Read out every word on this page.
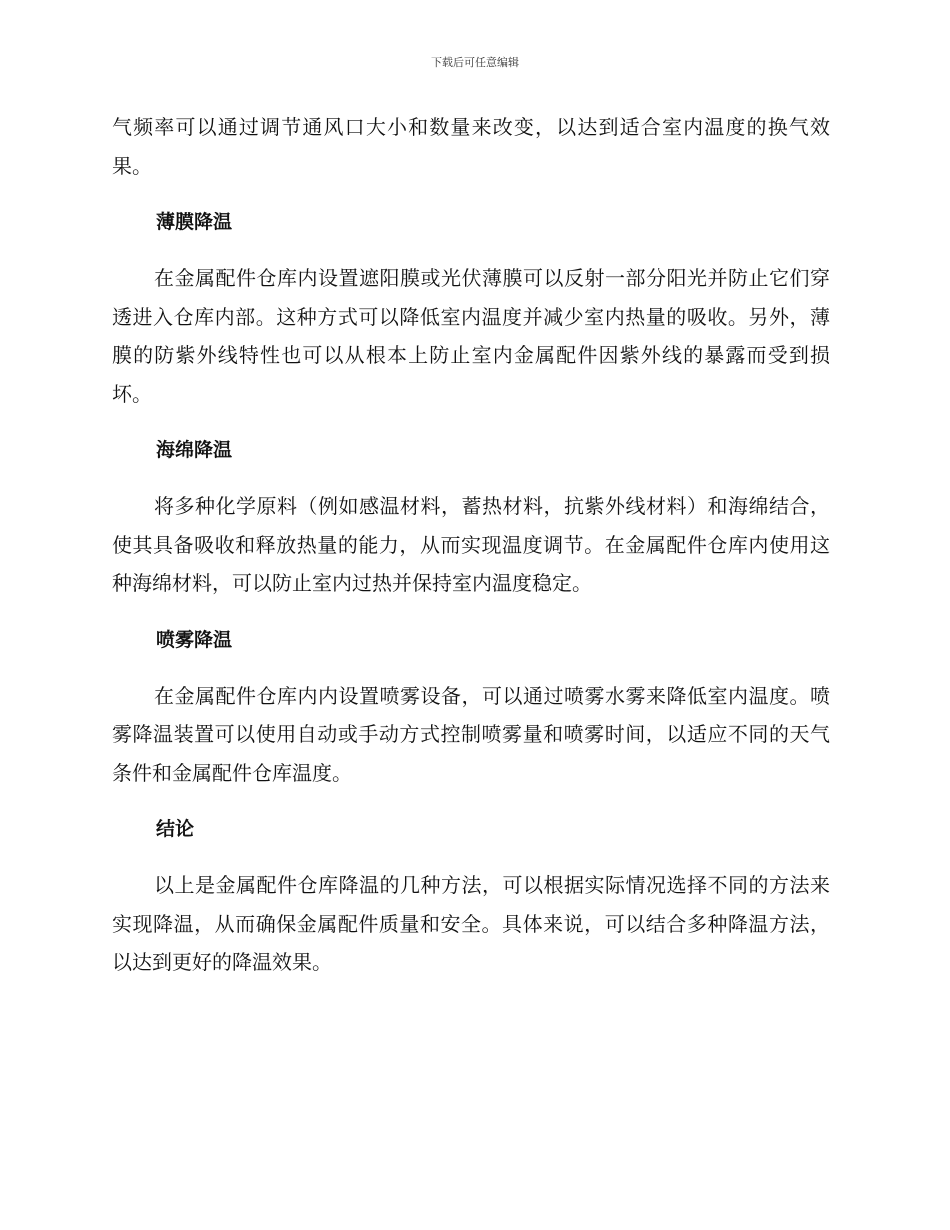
下载后可任意编辑

气频率可以通过调节通风口大小和数量来改变，以达到适合室内温度的换气效果。

薄膜降温

在金属配件仓库内设置遮阳膜或光伏薄膜可以反射一部分阳光并防止它们穿透进入仓库内部。这种方式可以降低室内温度并减少室内热量的吸收。另外，薄膜的防紫外线特性也可以从根本上防止室内金属配件因紫外线的暴露而受到损坏。

海绵降温

将多种化学原料（例如感温材料，蓄热材料，抗紫外线材料）和海绵结合，使其具备吸收和释放热量的能力，从而实现温度调节。在金属配件仓库内使用这种海绵材料，可以防止室内过热并保持室内温度稳定。

喷雾降温

在金属配件仓库内内设置喷雾设备，可以通过喷雾水雾来降低室内温度。喷雾降温装置可以使用自动或手动方式控制喷雾量和喷雾时间，以适应不同的天气条件和金属配件仓库温度。

结论

以上是金属配件仓库降温的几种方法，可以根据实际情况选择不同的方法来实现降温，从而确保金属配件质量和安全。具体来说，可以结合多种降温方法，以达到更好的降温效果。
